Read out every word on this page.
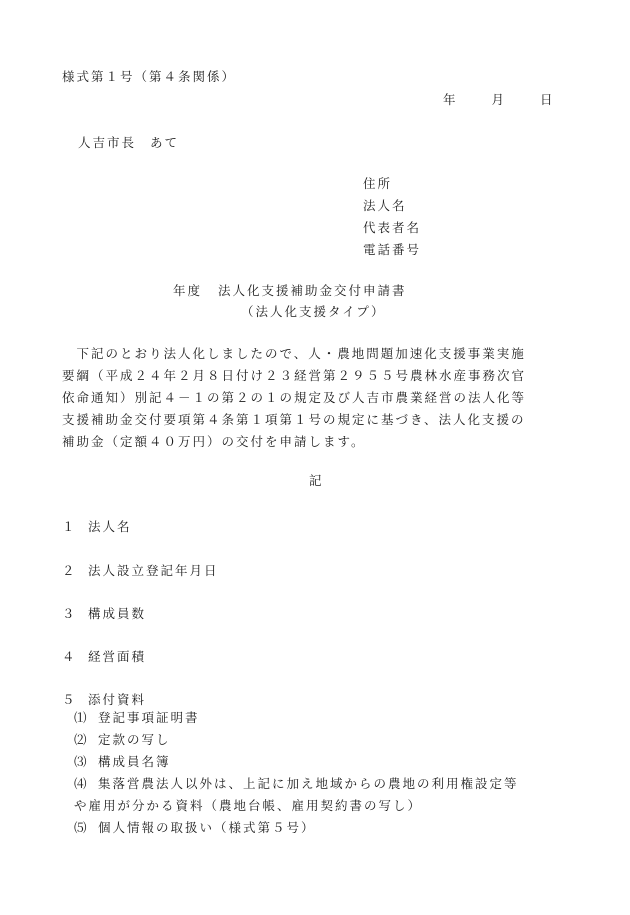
様式第１号（第４条関係）
年	月	日
人吉市長 あて
住所
法人名
代表者名
電話番号
年度 法人化支援補助金交付申請書
（法人化支援タイプ）
　下記のとおり法人化しましたので、人・農地問題加速化支援事業実施
要綱（平成２４年２月８日付け２３経営第２９５５号農林水産事務次官
依命通知）別記４－１の第２の１の規定及び人吉市農業経営の法人化等
支援補助金交付要項第４条第１項第１号の規定に基づき、法人化支援の
補助金（定額４０万円）の交付を申請します。
記
１ 法人名
２ 法人設立登記年月日
３ 構成員数
４ 経営面積
５ 添付資料
⑴ 登記事項証明書
⑵ 定款の写し
⑶ 構成員名簿
⑷ 集落営農法人以外は、上記に加え地域からの農地の利用権設定等
や雇用が分かる資料（農地台帳、雇用契約書の写し）
⑸ 個人情報の取扱い（様式第５号）
